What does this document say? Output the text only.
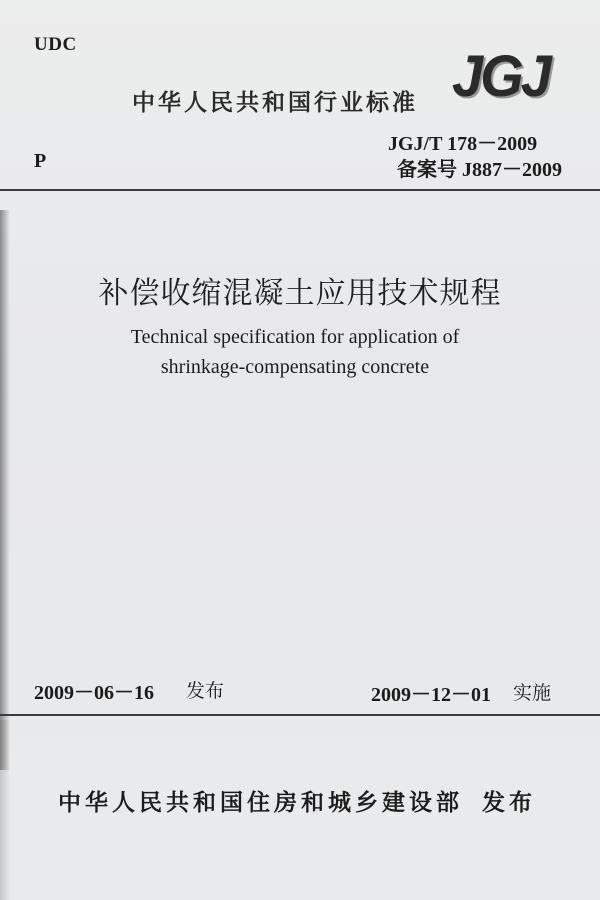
UDC
P
中华人民共和国行业标准 JGJ
JGJ/T 178－2009
备案号 J887－2009
补偿收缩混凝土应用技术规程
Technical specification for application of
shrinkage-compensating concrete
2009－06－16 发布	2009－12－01 实施
中华人民共和国住房和城乡建设部 发布
